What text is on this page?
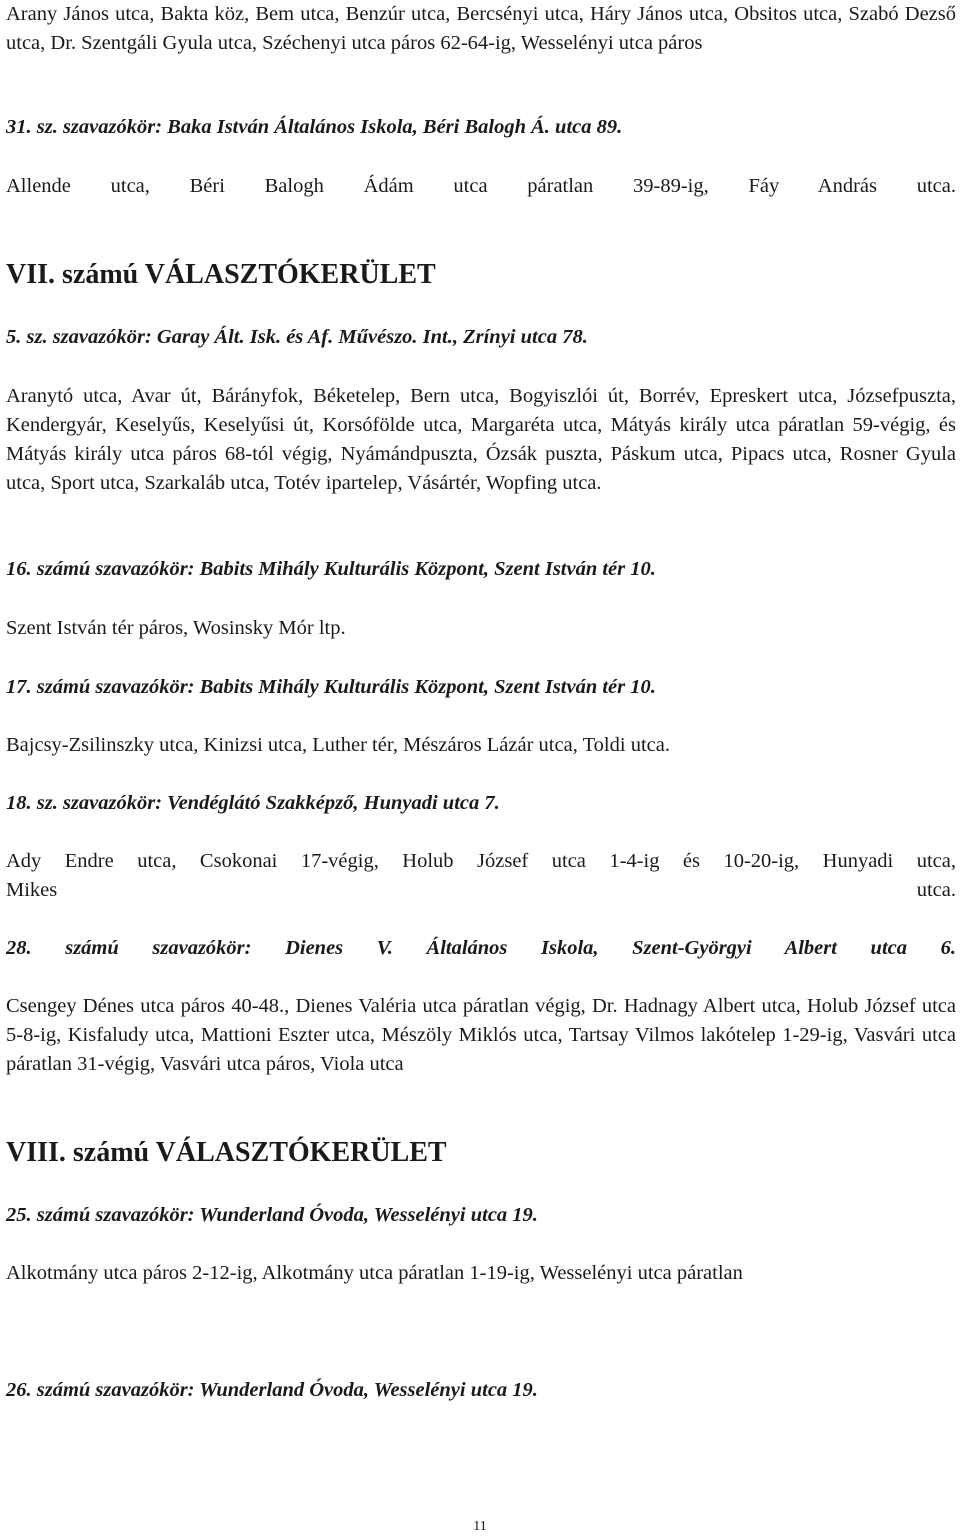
Arany János utca, Bakta köz, Bem utca, Benzúr utca, Bercsényi utca, Háry János utca, Obsitos utca, Szabó Dezső utca, Dr. Szentgáli Gyula utca, Széchenyi utca páros 62-64-ig, Wesselényi utca páros
31. sz. szavazókör: Baka István Általános Iskola, Béri Balogh Á. utca 89.
Allende utca, Béri Balogh Ádám utca páratlan 39-89-ig, Fáy András utca.
VII. számú VÁLASZTÓKERÜLET
5. sz. szavazókör: Garay Ált. Isk. és Af. Művészo. Int., Zrínyi utca 78.
Aranytó utca, Avar út, Bárányfok, Béketelep, Bern utca, Bogyiszlói út, Borrév, Epreskert utca, Józsefpuszta, Kendergyár, Keselyűs, Keselyűsi út, Korsóföldе utca, Margaréta utca, Mátyás király utca páratlan 59-végig, és Mátyás király utca páros 68-tól végig, Nyámándpuszta, Ózsák puszta, Páskum utca, Pipacs utca, Rosner Gyula utca, Sport utca, Szarkaláb utca, Totév ipartelep, Vásártér, Wopfing utca.
16. számú szavazókör: Babits Mihály Kulturális Központ, Szent István tér 10.
Szent István tér páros, Wosinsky Mór ltp.
17. számú szavazókör: Babits Mihály Kulturális Központ, Szent István tér 10.
Bajcsy-Zsilinszky utca, Kinizsi utca, Luther tér, Mészáros Lázár utca, Toldi utca.
18. sz. szavazókör: Vendéglátó Szakképző, Hunyadi utca 7.
Ady Endre utca, Csokonai 17-végig, Holub József utca 1-4-ig és 10-20-ig, Hunyadi utca,
Mikes	utca.
28. számú szavazókör: Dienes V. Általános Iskola, Szent-Györgyi Albert utca 6.
Csengey Dénes utca páros 40-48., Dienes Valéria utca páratlan végig, Dr. Hadnagy Albert utca, Holub József utca 5-8-ig, Kisfaludy utca, Mattioni Eszter utca, Mészöly Miklós utca, Tartsay Vilmos lakótelep 1-29-ig, Vasvári utca páratlan 31-végig, Vasvári utca páros, Viola utca
VIII. számú VÁLASZTÓKERÜLET
25. számú szavazókör: Wunderland Óvoda, Wesselényi utca 19.
Alkotmány utca páros 2-12-ig, Alkotmány utca páratlan 1-19-ig, Wesselényi utca páratlan
26. számú szavazókör: Wunderland Óvoda, Wesselényi utca 19.
11
